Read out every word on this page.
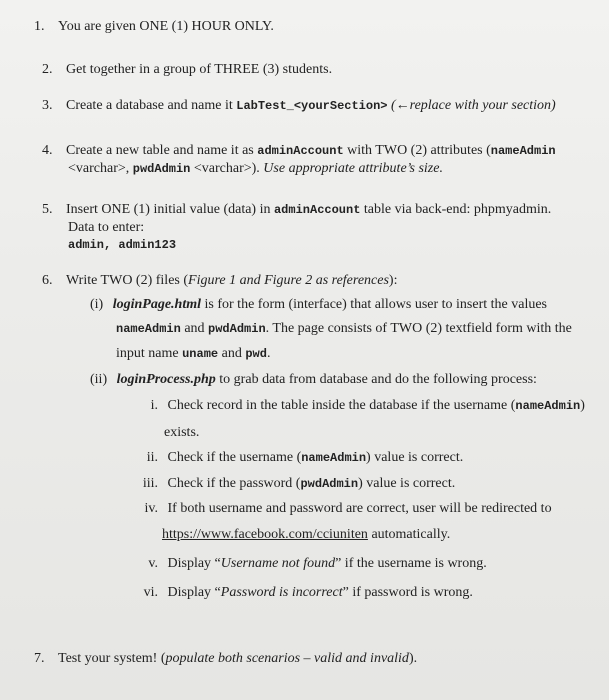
1. You are given ONE (1) HOUR ONLY.
2. Get together in a group of THREE (3) students.
3. Create a database and name it LabTest_<yourSection> (←replace with your section)
4. Create a new table and name it as adminAccount with TWO (2) attributes (nameAdmin
<varchar>, pwdAdmin <varchar>). Use appropriate attribute’s size.
5. Insert ONE (1) initial value (data) in adminAccount table via back-end: phpmyadmin.
Data to enter:
admin, admin123
6. Write TWO (2) files (Figure 1 and Figure 2 as references):
(i) loginPage.html is for the form (interface) that allows user to insert the values
nameAdmin and pwdAdmin. The page consists of TWO (2) textfield form with the
input name uname and pwd.
(ii) loginProcess.php to grab data from database and do the following process:
i. Check record in the table inside the database if the username (nameAdmin)
exists.
ii. Check if the username (nameAdmin) value is correct.
iii. Check if the password (pwdAdmin) value is correct.
iv. If both username and password are correct, user will be redirected to
https://www.facebook.com/cciuniten automatically.
v. Display “Username not found” if the username is wrong.
vi. Display “Password is incorrect” if password is wrong.
7. Test your system! (populate both scenarios – valid and invalid).
